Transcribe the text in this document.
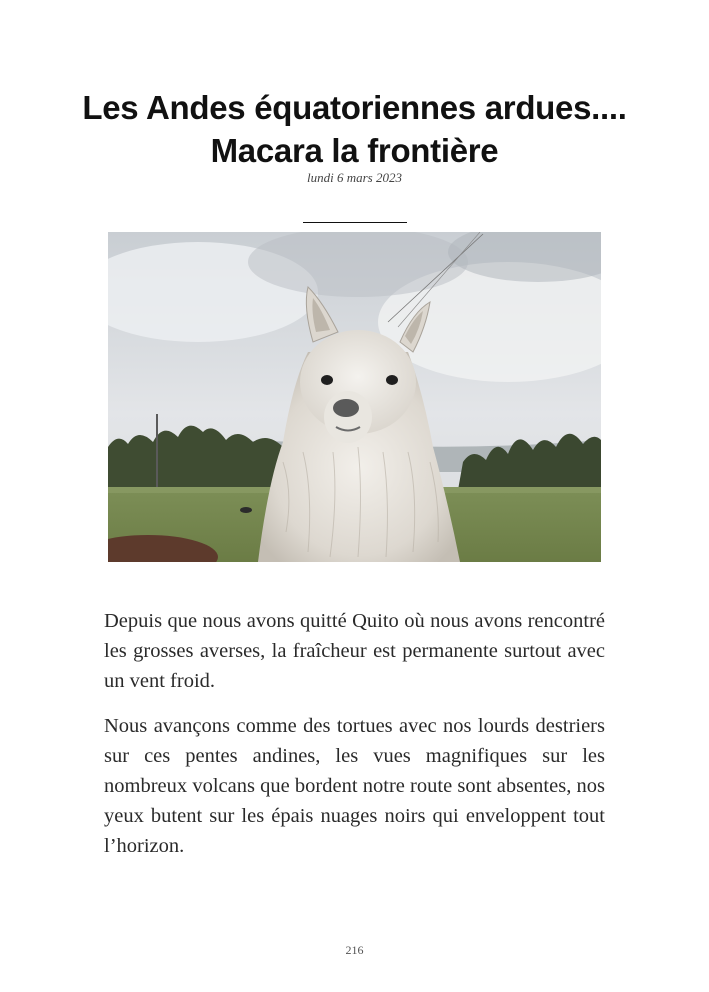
Les Andes équatoriennes ardues.... Macara la frontière
lundi 6 mars 2023

Depuis que nous avons quitté Quito où nous avons rencontré les grosses averses, la fraîcheur est permanente surtout avec un vent froid.

Nous avançons comme des tortues avec nos lourds destriers sur ces pentes andines, les vues magnifiques sur les nombreux volcans que bordent notre route sont absentes, nos yeux butent sur les épais nuages noirs qui enveloppent tout l’horizon.

216
